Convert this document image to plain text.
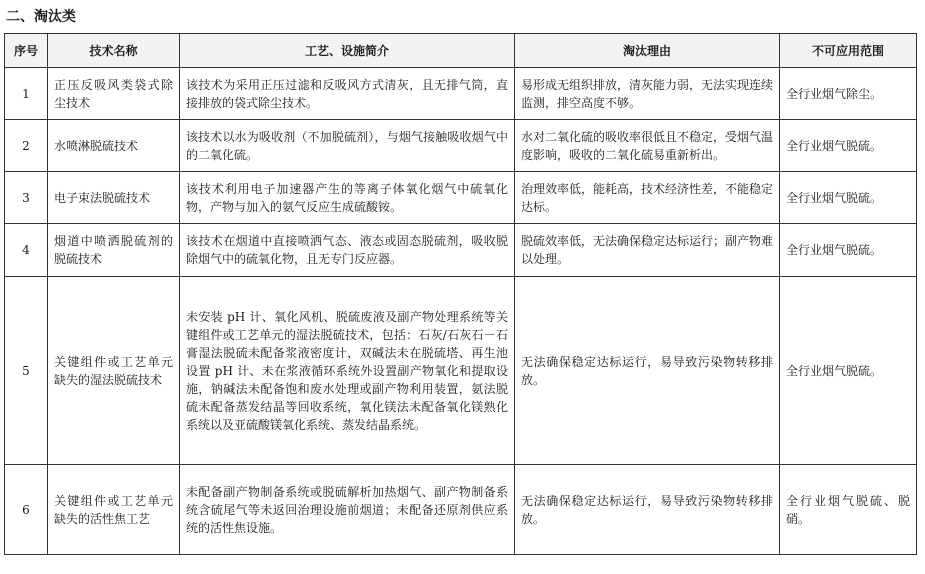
二、淘汰类
序号	技术名称	工艺、设施简介	淘汰理由	不可应用范围
1	正压反吸风类袋式除尘技术	该技术为采用正压过滤和反吸风方式清灰，且无排气筒，直接排放的袋式除尘技术。	易形成无组织排放，清灰能力弱，无法实现连续监测，排空高度不够。	全行业烟气除尘。
2	水喷淋脱硫技术	该技术以水为吸收剂（不加脱硫剂），与烟气接触吸收烟气中的二氧化硫。	水对二氧化硫的吸收率很低且不稳定，受烟气温度影响，吸收的二氧化硫易重新析出。	全行业烟气脱硫。
3	电子束法脱硫技术	该技术利用电子加速器产生的等离子体氧化烟气中硫氧化物，产物与加入的氨气反应生成硫酸铵。	治理效率低，能耗高，技术经济性差，不能稳定达标。	全行业烟气脱硫。
4	烟道中喷洒脱硫剂的脱硫技术	该技术在烟道中直接喷洒气态、液态或固态脱硫剂，吸收脱除烟气中的硫氧化物，且无专门反应器。	脱硫效率低，无法确保稳定达标运行；副产物难以处理。	全行业烟气脱硫。
5	关键组件或工艺单元缺失的湿法脱硫技术	未安装 pH 计、氧化风机、脱硫废液及副产物处理系统等关键组件或工艺单元的湿法脱硫技术，包括：石灰/石灰石－石膏湿法脱硫未配备浆液密度计，双碱法未在脱硫塔、再生池设置 pH 计、未在浆液循环系统外设置副产物氧化和提取设施，钠碱法未配备饱和废水处理或副产物利用装置，氨法脱硫未配备蒸发结晶等回收系统，氧化镁法未配备氧化镁熟化系统以及亚硫酸镁氧化系统、蒸发结晶系统。	无法确保稳定达标运行，易导致污染物转移排放。	全行业烟气脱硫。
6	关键组件或工艺单元缺失的活性焦工艺	未配备副产物制备系统或脱硫解析加热烟气、副产物制备系统含硫尾气等未返回治理设施前烟道；未配备还原剂供应系统的活性焦设施。	无法确保稳定达标运行，易导致污染物转移排放。	全行业烟气脱硫、脱硝。
